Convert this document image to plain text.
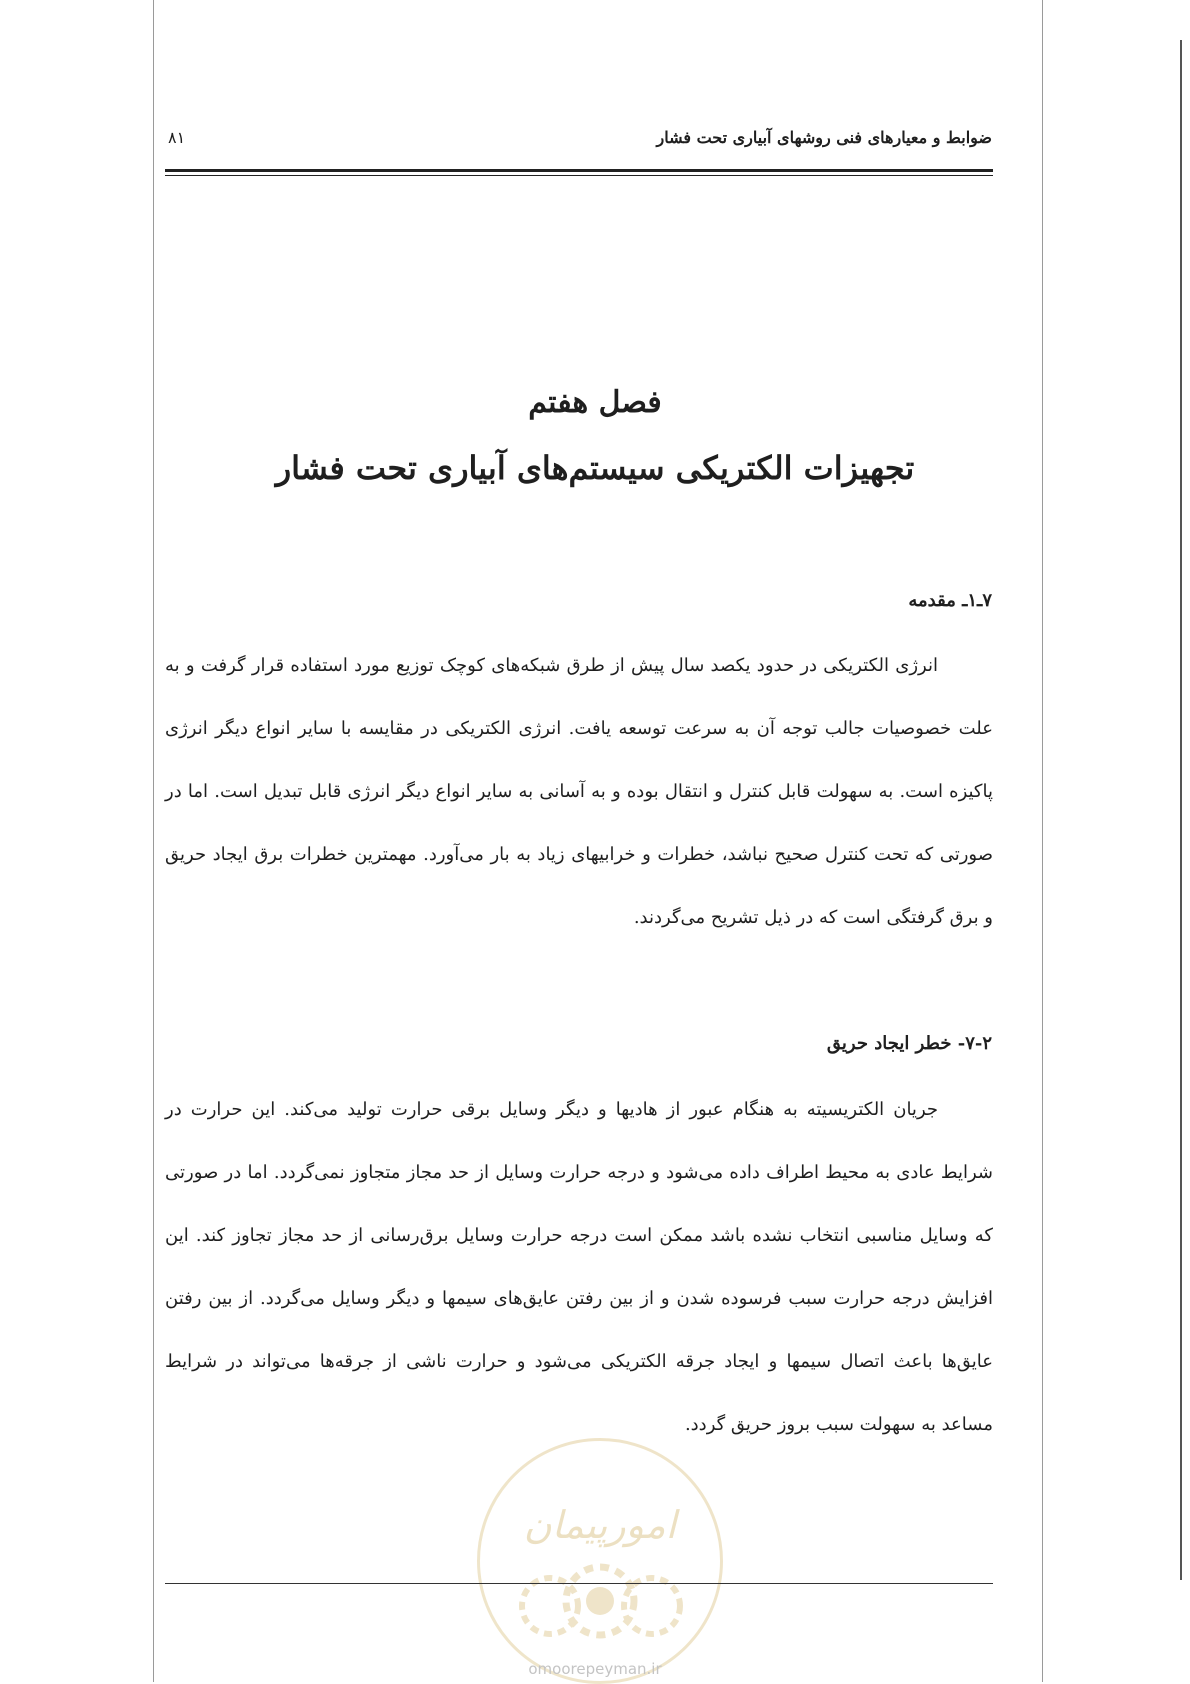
ضوابط و معیارهای فنی روشهای آبیاری تحت فشار
۸۱
فصل هفتم
تجهیزات الکتریکی سیستم‌های آبیاری تحت فشار
۷ـ۱ـ مقدمه
انرژی الکتریکی در حدود یکصد سال پیش از طرق شبکه‌های کوچک توزیع مورد استفاده قرار گرفت و به علت خصوصیات جالب توجه آن به سرعت توسعه یافت. انرژی الکتریکی در مقایسه با سایر انواع دیگر انرژی پاکیزه است. به سهولت قابل کنترل و انتقال بوده و به آسانی به سایر انواع دیگر انرژی قابل تبدیل است. اما در صورتی که تحت کنترل صحیح نباشد، خطرات و خرابیهای زیاد به بار می‌آورد. مهمترین خطرات برق ایجاد حریق و برق گرفتگی است که در ذیل تشریح می‌گردند.
۷-۲- خطر ایجاد حریق
جریان الکتریسیته به هنگام عبور از هادیها و دیگر وسایل برقی حرارت تولید می‌کند. این حرارت در شرایط عادی به محیط اطراف داده می‌شود و درجه حرارت وسایل از حد مجاز متجاوز نمی‌گردد. اما در صورتی که وسایل مناسبی انتخاب نشده باشد ممکن است درجه حرارت وسایل برق‌رسانی از حد مجاز تجاوز کند. این افزایش درجه حرارت سبب فرسوده شدن و از بین رفتن عایق‌های سیمها و دیگر وسایل می‌گردد. از بین رفتن عایق‌ها باعث اتصال سیمها و ایجاد جرقه الکتریکی می‌شود و حرارت ناشی از جرقه‌ها می‌تواند در شرایط مساعد به سهولت سبب بروز حریق گردد.
امورپیمان
omoorepeyman.ir
